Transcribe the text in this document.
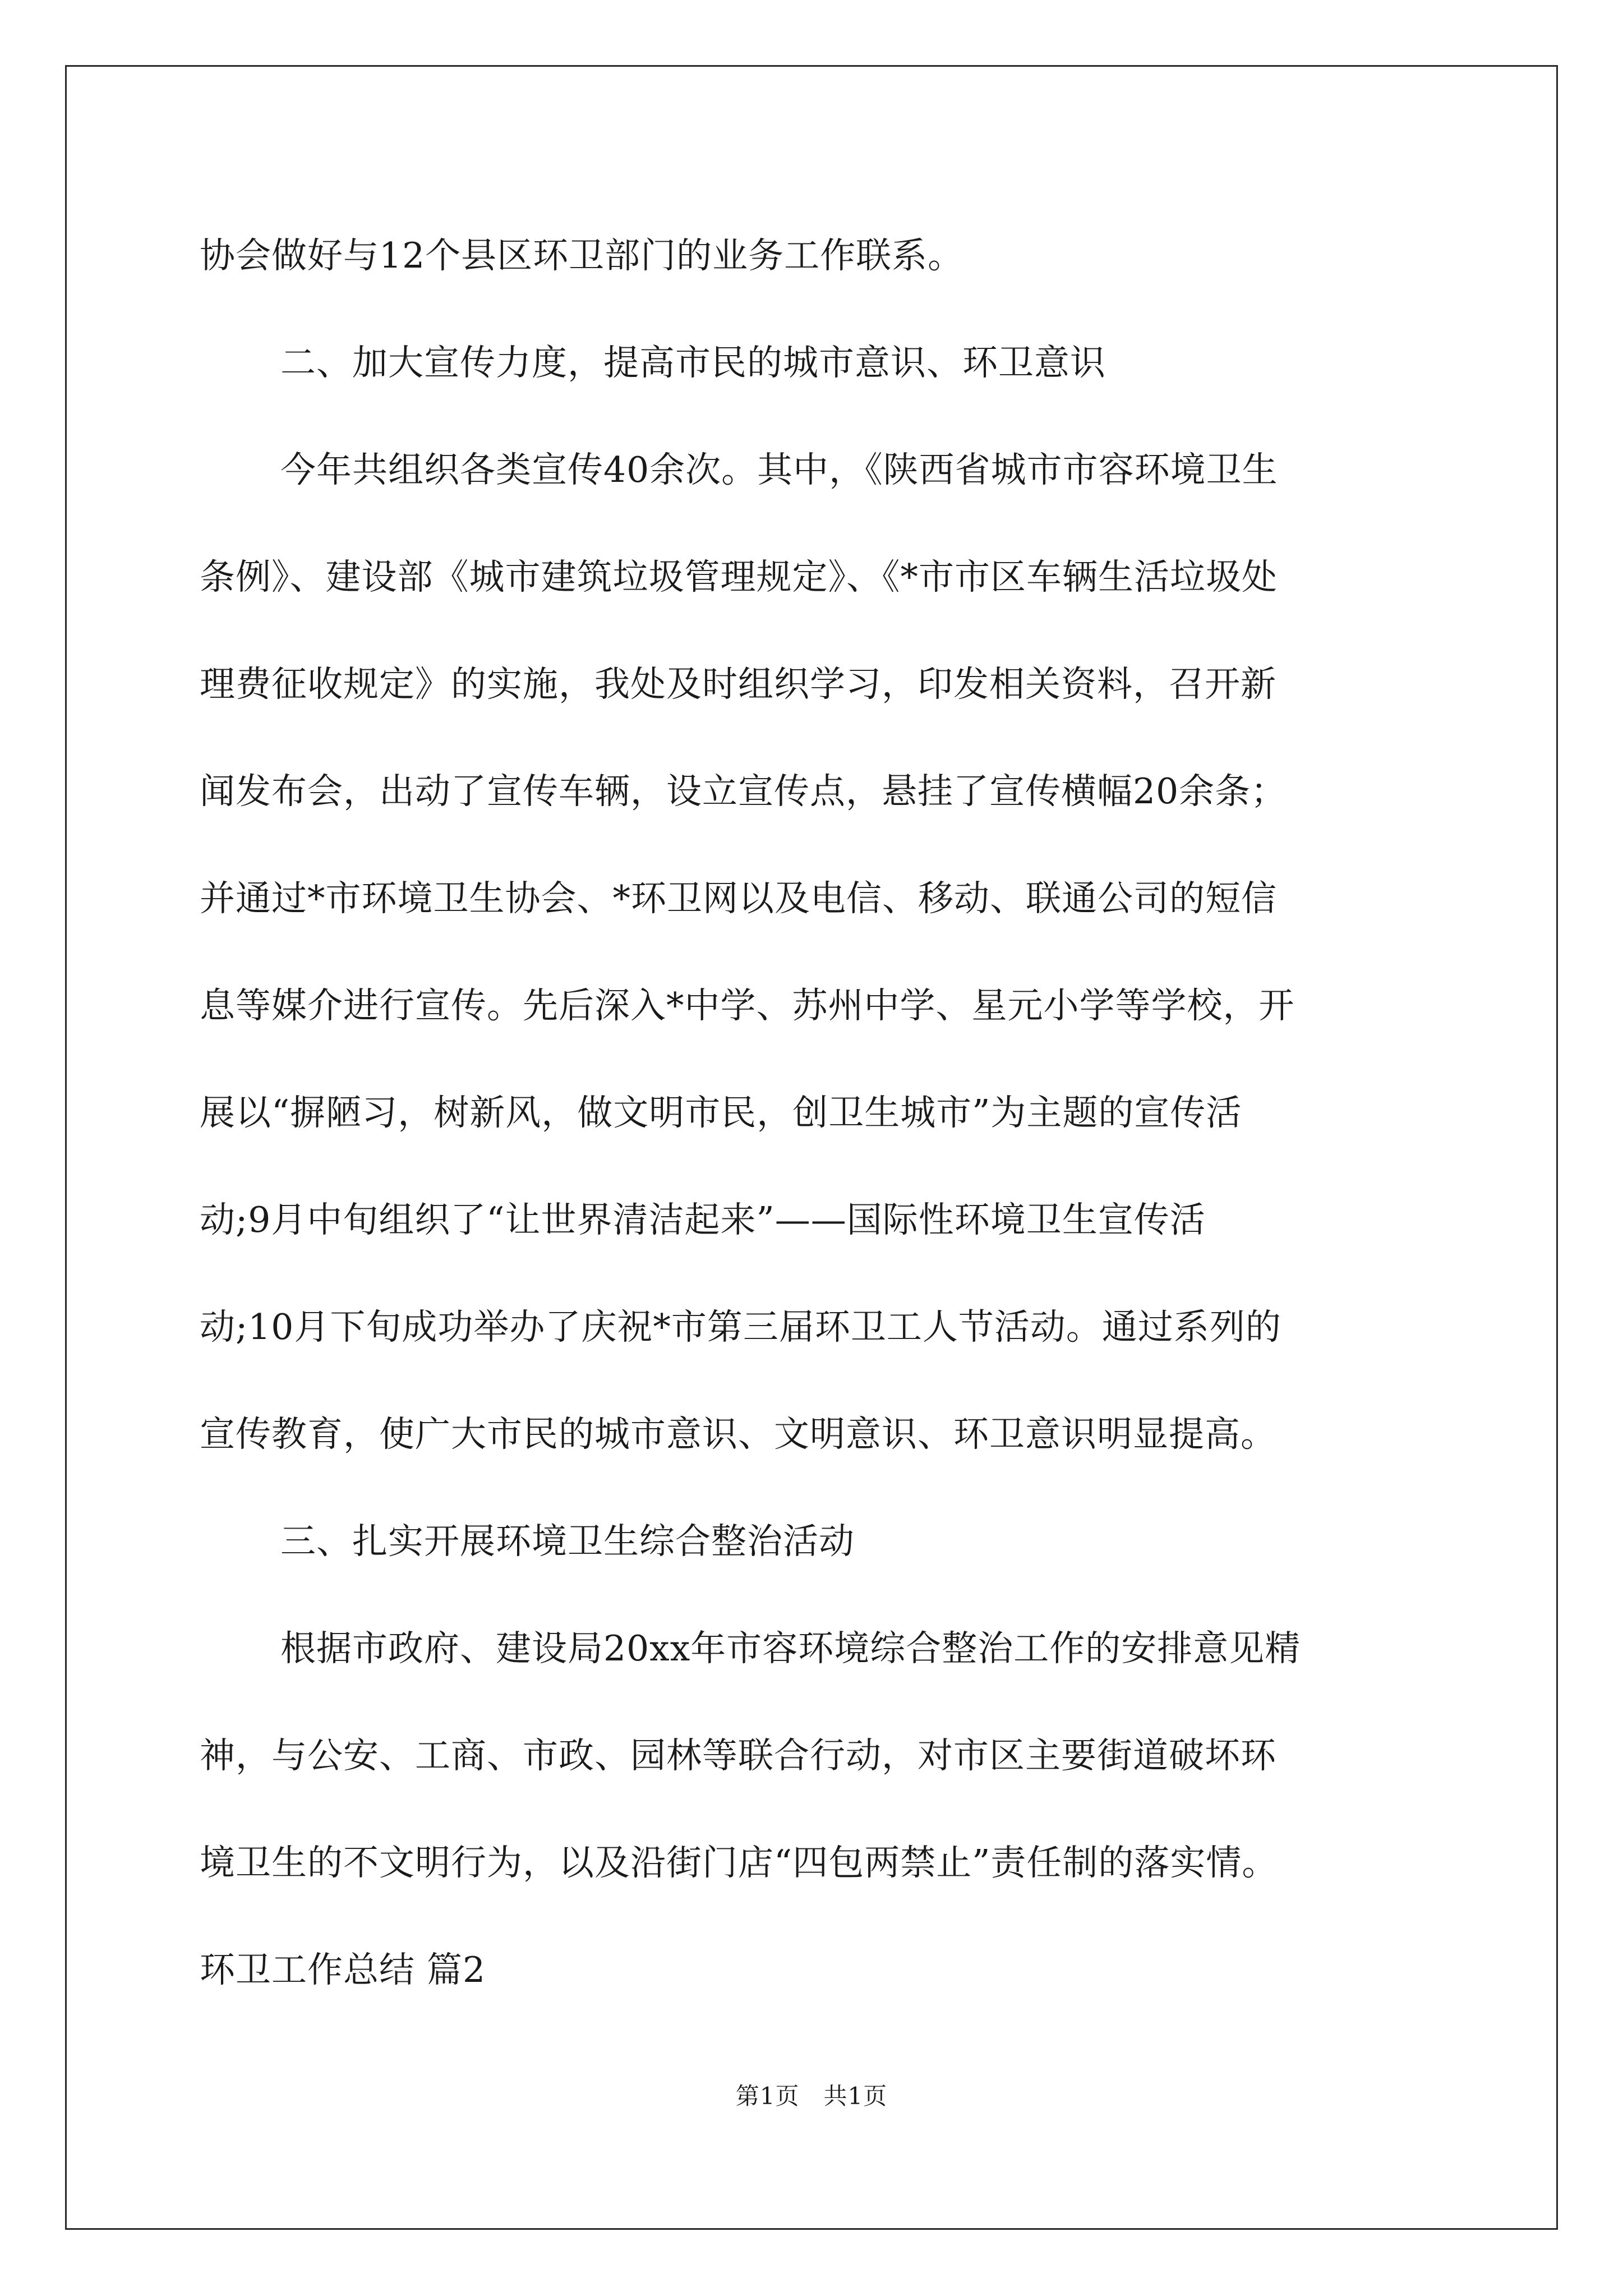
协会做好与12个县区环卫部门的业务工作联系。
二、加大宣传力度，提高市民的城市意识、环卫意识
今年共组织各类宣传40余次。其中，《陕西省城市市容环境卫生
条例》、建设部《城市建筑垃圾管理规定》、《*市市区车辆生活垃圾处
理费征收规定》的实施，我处及时组织学习，印发相关资料，召开新
闻发布会，出动了宣传车辆，设立宣传点，悬挂了宣传横幅20余条；
并通过*市环境卫生协会、*环卫网以及电信、移动、联通公司的短信
息等媒介进行宣传。先后深入*中学、苏州中学、星元小学等学校，开
展以“摒陋习，树新风，做文明市民，创卫生城市”为主题的宣传活
动;9月中旬组织了“让世界清洁起来”——国际性环境卫生宣传活
动;10月下旬成功举办了庆祝*市第三届环卫工人节活动。通过系列的
宣传教育，使广大市民的城市意识、文明意识、环卫意识明显提高。
三、扎实开展环境卫生综合整治活动
根据市政府、建设局20xx年市容环境综合整治工作的安排意见精
神，与公安、工商、市政、园林等联合行动，对市区主要街道破坏环
境卫生的不文明行为，以及沿街门店“四包两禁止”责任制的落实情。
环卫工作总结 篇2
第1页　共1页
